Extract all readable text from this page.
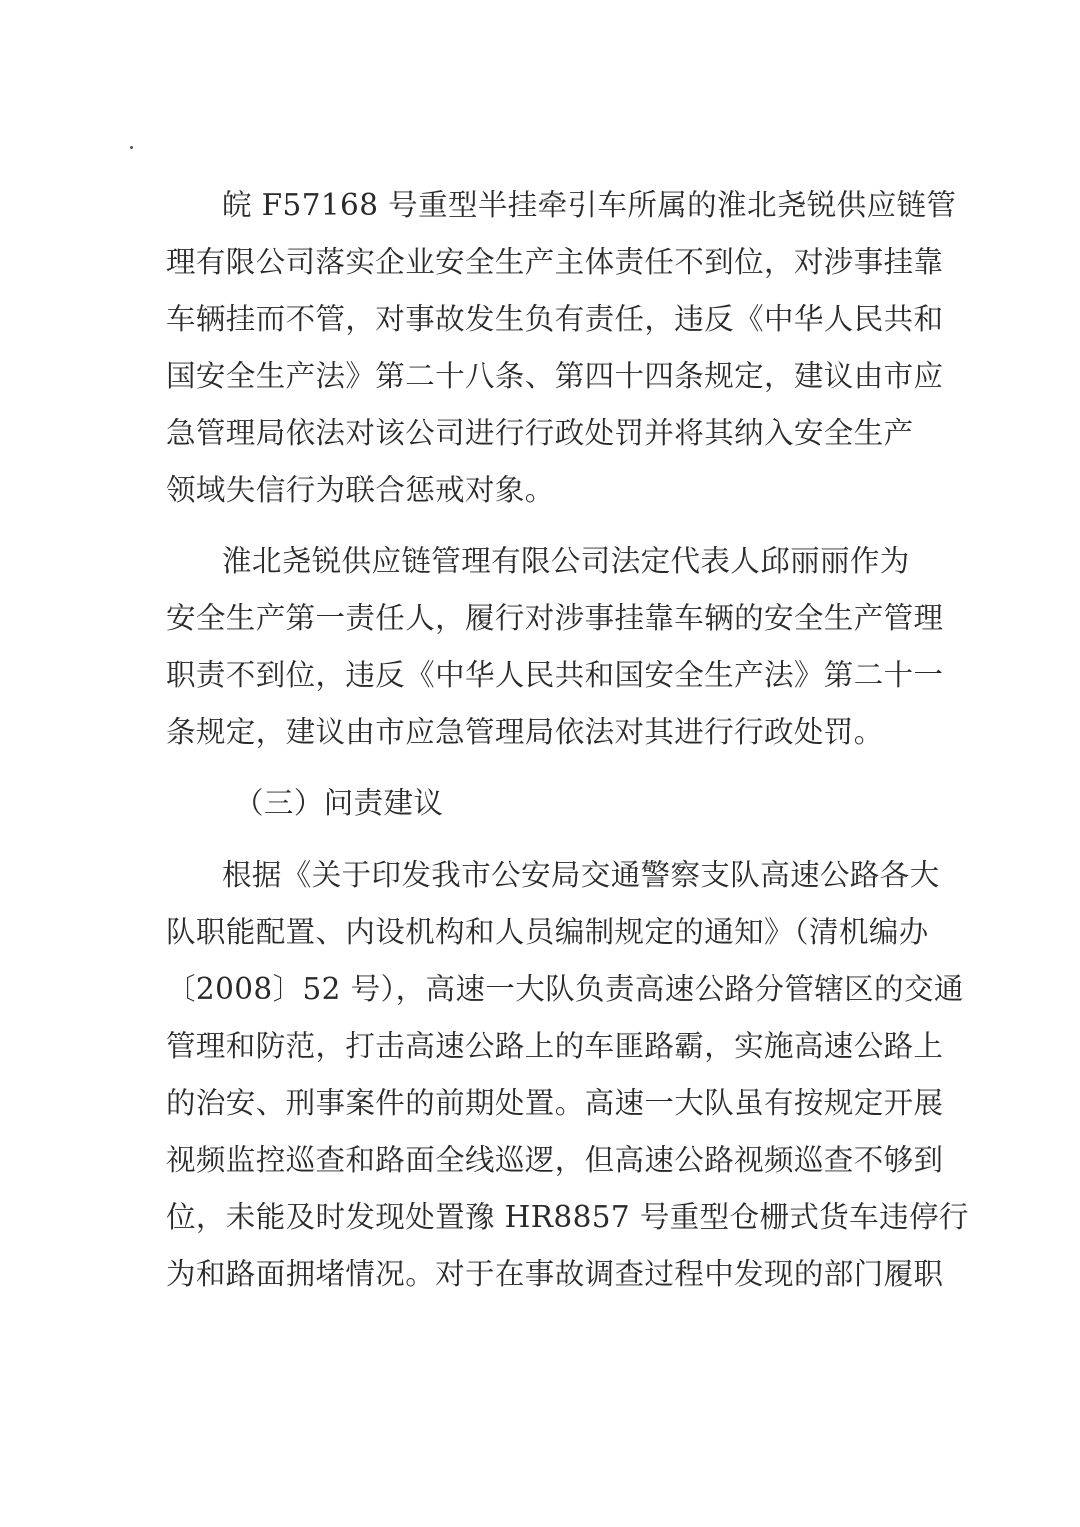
皖 F57168 号重型半挂牵引车所属的淮北尧锐供应链管
理有限公司落实企业安全生产主体责任不到位，对涉事挂靠
车辆挂而不管，对事故发生负有责任，违反《中华人民共和
国安全生产法》第二十八条、第四十四条规定，建议由市应
急管理局依法对该公司进行行政处罚并将其纳入安全生产
领域失信行为联合惩戒对象。
淮北尧锐供应链管理有限公司法定代表人邱丽丽作为
安全生产第一责任人，履行对涉事挂靠车辆的安全生产管理
职责不到位，违反《中华人民共和国安全生产法》第二十一
条规定，建议由市应急管理局依法对其进行行政处罚。
（三）问责建议
根据《关于印发我市公安局交通警察支队高速公路各大
队职能配置、内设机构和人员编制规定的通知》（清机编办
〔2008〕52 号），高速一大队负责高速公路分管辖区的交通
管理和防范，打击高速公路上的车匪路霸，实施高速公路上
的治安、刑事案件的前期处置。高速一大队虽有按规定开展
视频监控巡查和路面全线巡逻，但高速公路视频巡查不够到
位，未能及时发现处置豫 HR8857 号重型仓栅式货车违停行
为和路面拥堵情况。对于在事故调查过程中发现的部门履职
